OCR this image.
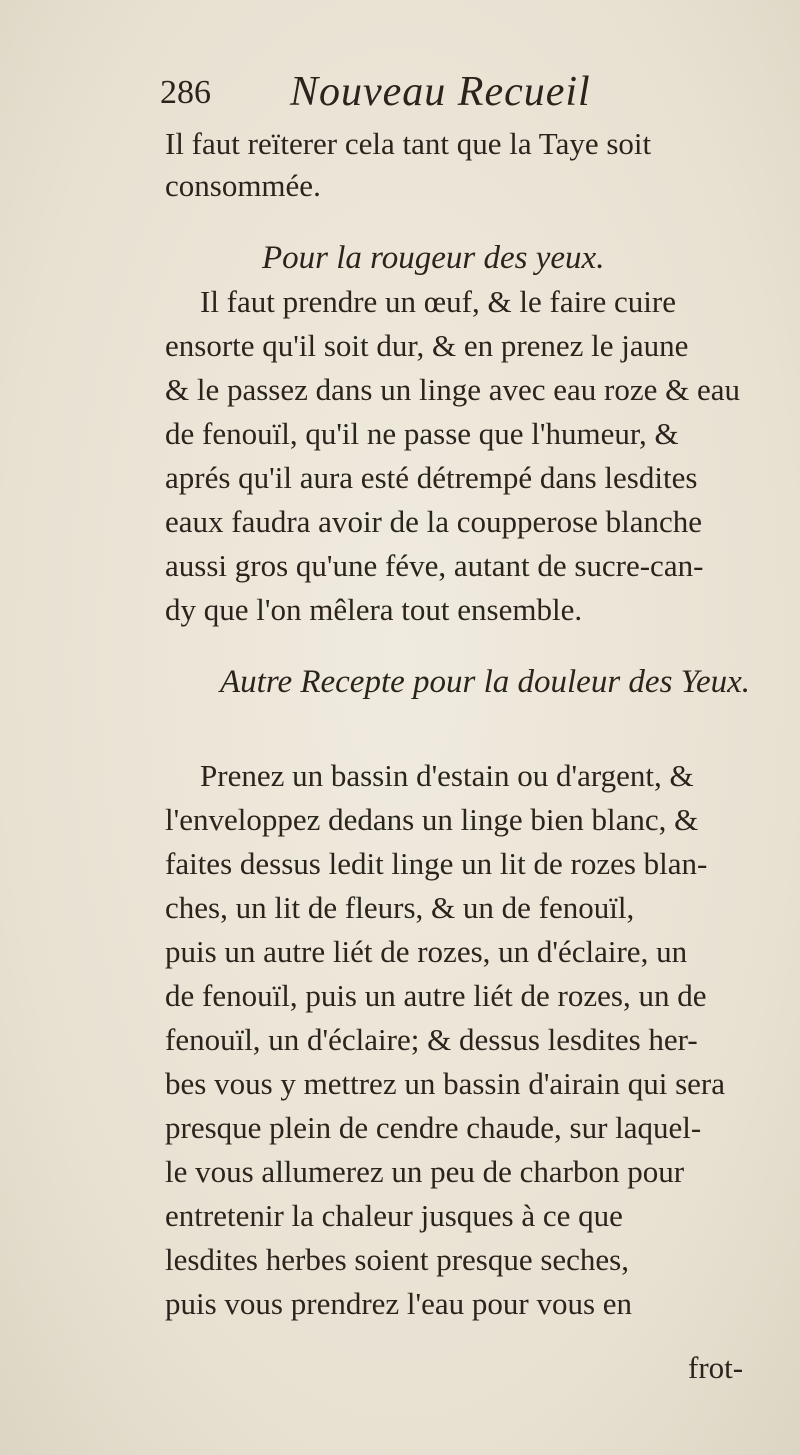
286 Nouveau Recueil
Il faut reïterer cela tant que la Taye soit
consommée.
Pour la rougeur des yeux.
Il faut prendre un œuf, & le faire cuire
ensorte qu'il soit dur, & en prenez le jaune
& le passez dans un linge avec eau roze & eau
de fenouïl, qu'il ne passe que l'humeur, &
aprés qu'il aura esté détrempé dans lesdites
eaux faudra avoir de la coupperose blanche
aussi gros qu'une féve, autant de sucre-can-
dy que l'on mêlera tout ensemble.
Autre Recepte pour la douleur des Yeux.
Prenez un bassin d'estain ou d'argent, &
l'enveloppez dedans un linge bien blanc, &
faites dessus ledit linge un lit de rozes blan-
ches, un lit de fleurs, & un de fenouïl,
puis un autre liét de rozes, un d'éclaire, un
de fenouïl, puis un autre liét de rozes, un de
fenouïl, un d'éclaire; & dessus lesdites her-
bes vous y mettrez un bassin d'airain qui sera
presque plein de cendre chaude, sur laquel-
le vous allumerez un peu de charbon pour
entretenir la chaleur jusques à ce que
lesdites herbes soient presque seches,
puis vous prendrez l'eau pour vous en
frot-
